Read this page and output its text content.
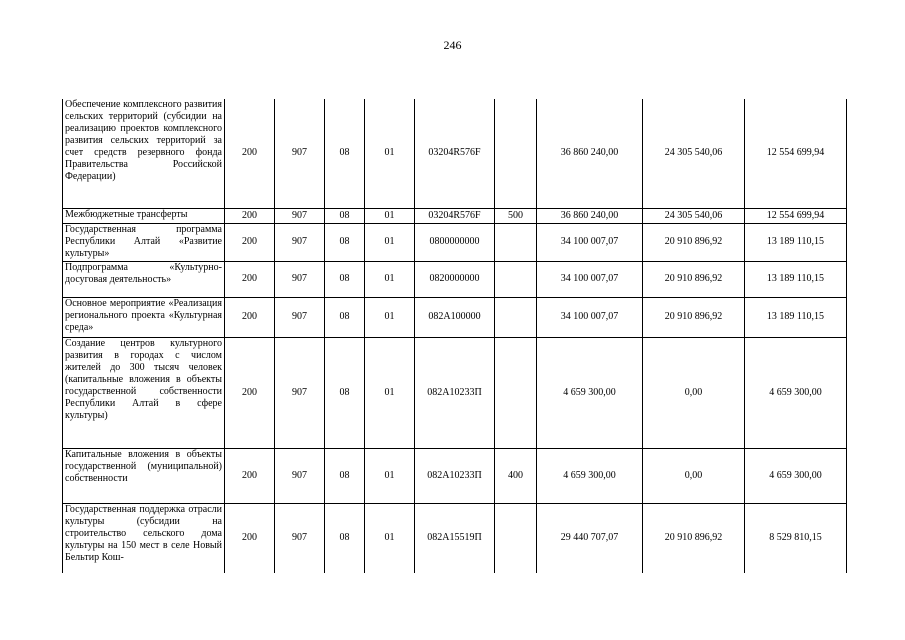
246
Обеспечение комплексного развития сельских территорий (субсидии на реализацию проектов комплексного развития сельских территорий за счет средств резервного фонда Правительства Российской Федерации)	200	907	08	01	03204R576F		36 860 240,00	24 305 540,06	12 554 699,94
Межбюджетные трансферты	200	907	08	01	03204R576F	500	36 860 240,00	24 305 540,06	12 554 699,94
Государственная программа Республики Алтай «Развитие культуры»	200	907	08	01	0800000000		34 100 007,07	20 910 896,92	13 189 110,15
Подпрограмма «Культурно-досуговая деятельность»	200	907	08	01	0820000000		34 100 007,07	20 910 896,92	13 189 110,15
Основное мероприятие «Реализация регионального проекта «Культурная среда»	200	907	08	01	082A100000		34 100 007,07	20 910 896,92	13 189 110,15
Создание центров культурного развития в городах с числом жителей до 300 тысяч человек (капитальные вложения в объекты государственной собственности Республики Алтай в сфере культуры)	200	907	08	01	082A10233П		4 659 300,00	0,00	4 659 300,00
Капитальные вложения в объекты государственной (муниципальной) собственности	200	907	08	01	082A10233П	400	4 659 300,00	0,00	4 659 300,00
Государственная поддержка отрасли культуры (субсидии на строительство сельского дома культуры на 150 мест в селе Новый Бельтир Кош-	200	907	08	01	082A15519П		29 440 707,07	20 910 896,92	8 529 810,15
